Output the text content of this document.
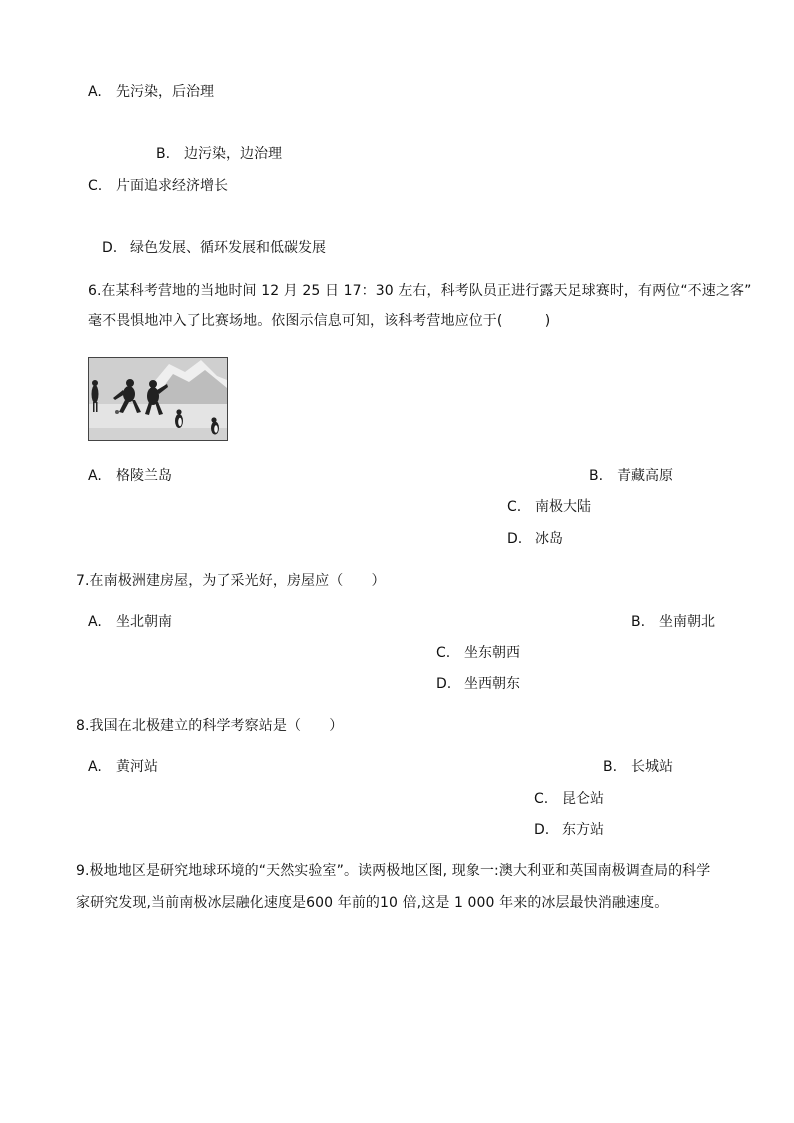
A. 先污染，后治理
B. 边污染，边治理
C. 片面追求经济增长
D. 绿色发展、循环发展和低碳发展
6.在某科考营地的当地时间 12 月 25 日 17：30 左右，科考队员正进行露天足球赛时，有两位“不速之客”
毫不畏惧地冲入了比赛场地。依图示信息可知，该科考营地应位于(　　　)
A. 格陵兰岛	B. 青藏高原
C. 南极大陆
D. 冰岛
7.在南极洲建房屋，为了采光好，房屋应（　　）
A. 坐北朝南	B. 坐南朝北
C. 坐东朝西
D. 坐西朝东
8.我国在北极建立的科学考察站是（　　）
A. 黄河站	B. 长城站
C. 昆仑站
D. 东方站
9.极地地区是研究地球环境的“天然实验室”。读两极地区图, 现象一:澳大利亚和英国南极调查局的科学
家研究发现,当前南极冰层融化速度是600 年前的10 倍,这是 1 000 年来的冰层最快消融速度。
